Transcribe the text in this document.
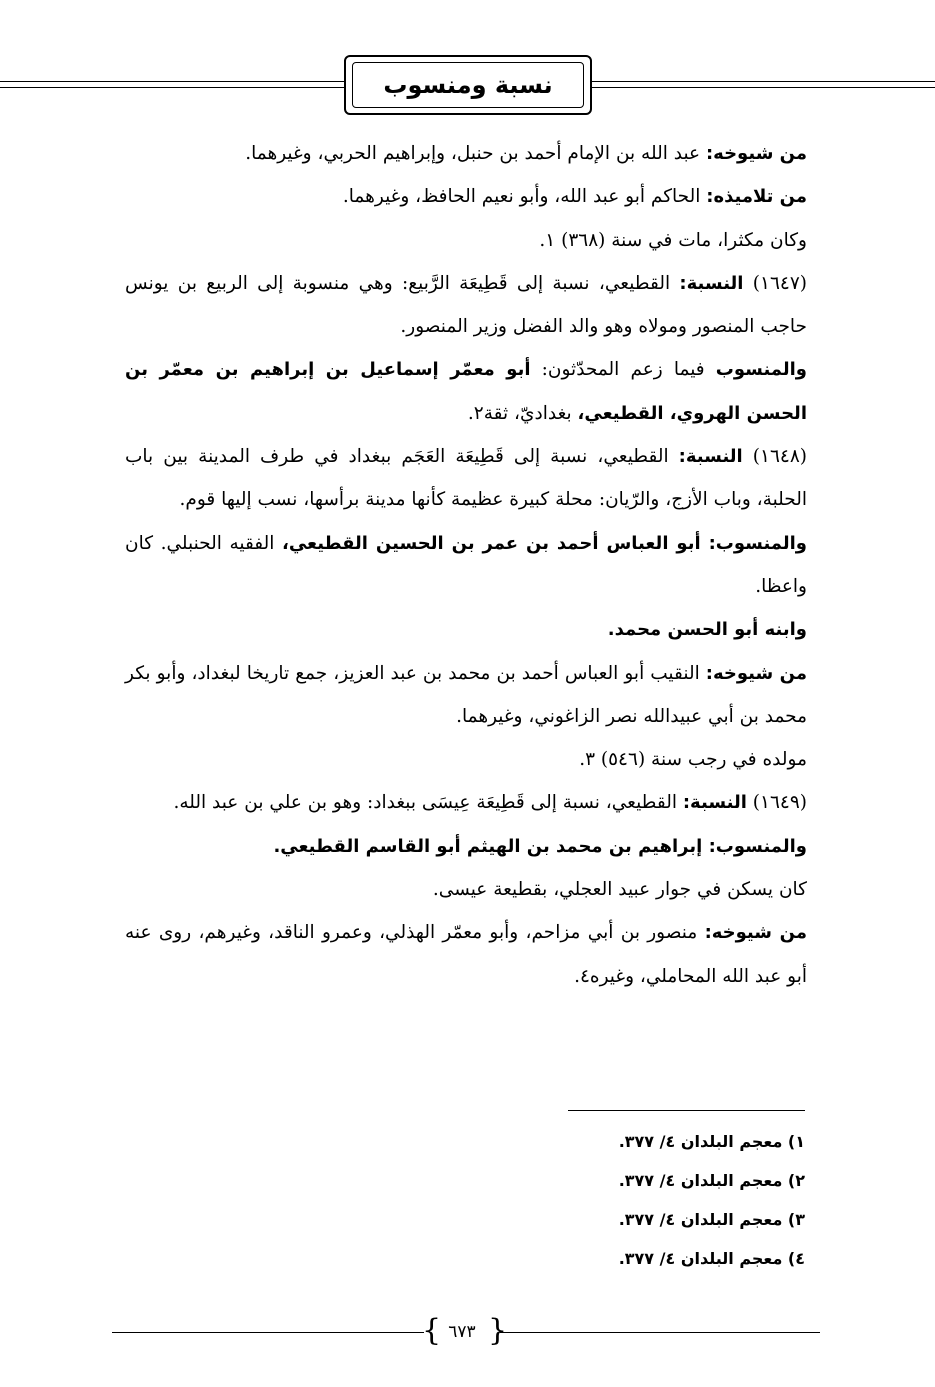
نسبة ومنسوب

من شيوخه: عبد الله بن الإمام أحمد بن حنبل، وإبراهيم الحربي، وغيرهما.

من تلاميذه: الحاكم أبو عبد الله، وأبو نعيم الحافظ، وغيرهما.

وكان مكثرا، مات في سنة (٣٦٨) ١.

(١٦٤٧) النسبة: القطيعي، نسبة إلى قَطِيعَة الرَّبيع: وهي منسوبة إلى الربيع بن يونس حاجب المنصور ومولاه وهو والد الفضل وزير المنصور.

والمنسوب فيما زعم المحدّثون: أبو معمّر إسماعيل بن إبراهيم بن معمّر بن الحسن الهروي، القطيعي، بغداديّ، ثقة٢.

(١٦٤٨) النسبة: القطيعي، نسبة إلى قَطِيعَة العَجَم ببغداد في طرف المدينة بين باب الحلبة، وباب الأزج، والرّيان: محلة كبيرة عظيمة كأنها مدينة برأسها، نسب إليها قوم.

والمنسوب: أبو العباس أحمد بن عمر بن الحسين القطيعي، الفقيه الحنبلي. كان واعظا.

وابنه أبو الحسن محمد.

من شيوخه: النقيب أبو العباس أحمد بن محمد بن عبد العزيز، جمع تاريخا لبغداد، وأبو بكر محمد بن أبي عبيدالله نصر الزاغوني، وغيرهما.

مولده في رجب سنة (٥٤٦) ٣.

(١٦٤٩) النسبة: القطيعي، نسبة إلى قَطِيعَة عِيسَى ببغداد: وهو بن علي بن عبد الله.

والمنسوب: إبراهيم بن محمد بن الهيثم أبو القاسم القطيعي.

كان يسكن في جوار عبيد العجلي، بقطيعة عيسى.

من شيوخه: منصور بن أبي مزاحم، وأبو معمّر الهذلي، وعمرو الناقد، وغيرهم، روى عنه أبو عبد الله المحاملي، وغيره٤.

١) معجم البلدان ٤/ ٣٧٧.

٢) معجم البلدان ٤/ ٣٧٧.

٣) معجم البلدان ٤/ ٣٧٧.

٤) معجم البلدان ٤/ ٣٧٧.

{ ٦٧٣ }
